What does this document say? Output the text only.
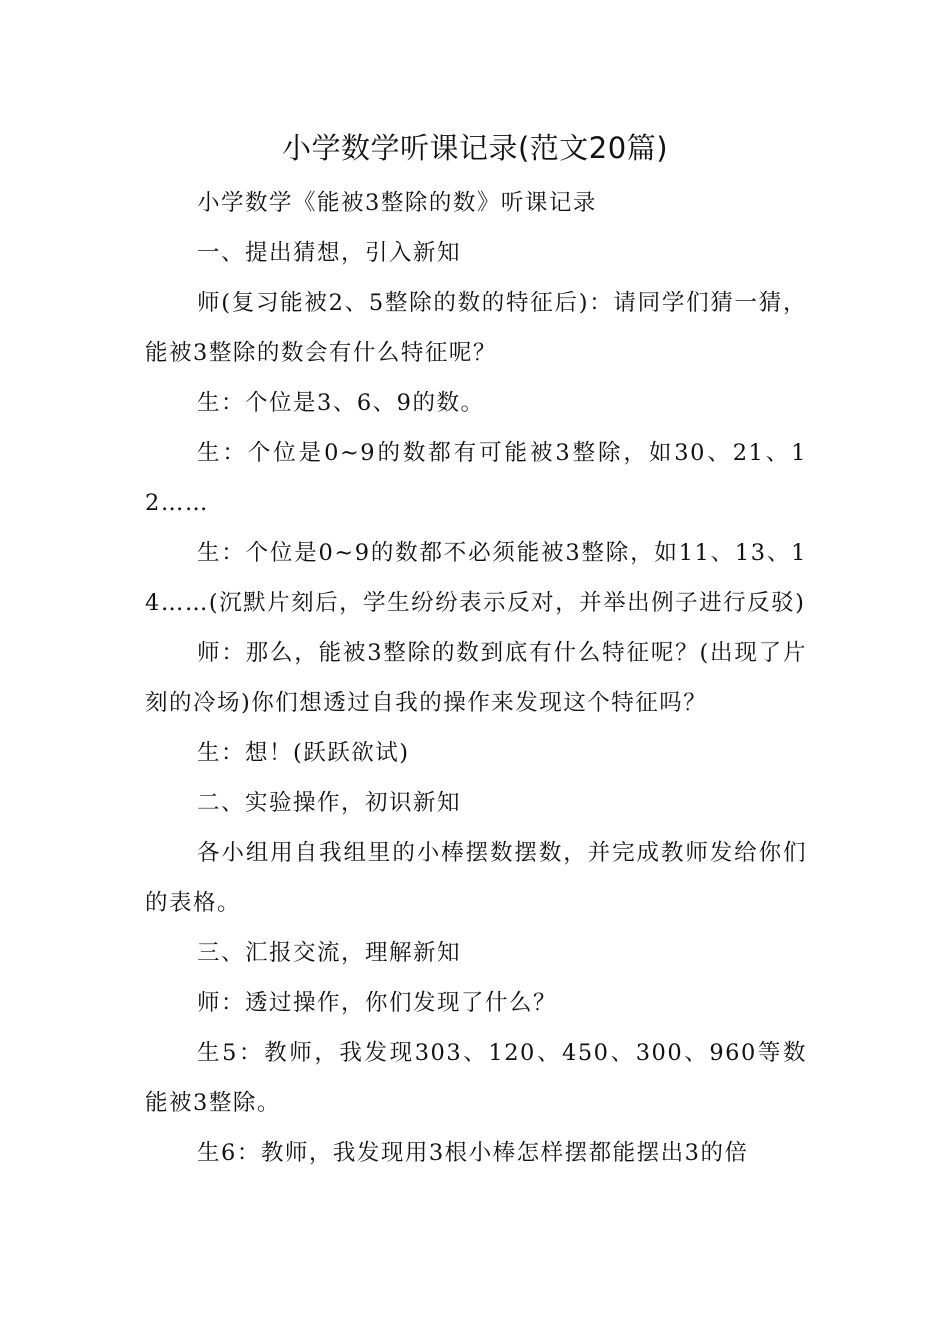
小学数学听课记录(范文20篇)

小学数学《能被3整除的数》听课记录

一、提出猜想，引入新知

师(复习能被2、5整除的数的特征后)：请同学们猜一猜，能被3整除的数会有什么特征呢？

生：个位是3、6、9的数。

生：个位是0~9的数都有可能被3整除，如30、21、12……

生：个位是0~9的数都不必须能被3整除，如11、13、14……(沉默片刻后，学生纷纷表示反对，并举出例子进行反驳)

师：那么，能被3整除的数到底有什么特征呢？(出现了片刻的冷场)你们想透过自我的操作来发现这个特征吗？

生：想！(跃跃欲试)

二、实验操作，初识新知

各小组用自我组里的小棒摆数摆数，并完成教师发给你们的表格。

三、汇报交流，理解新知

师：透过操作，你们发现了什么？

生5：教师，我发现303、120、450、300、960等数能被3整除。

生6：教师，我发现用3根小棒怎样摆都能摆出3的倍
